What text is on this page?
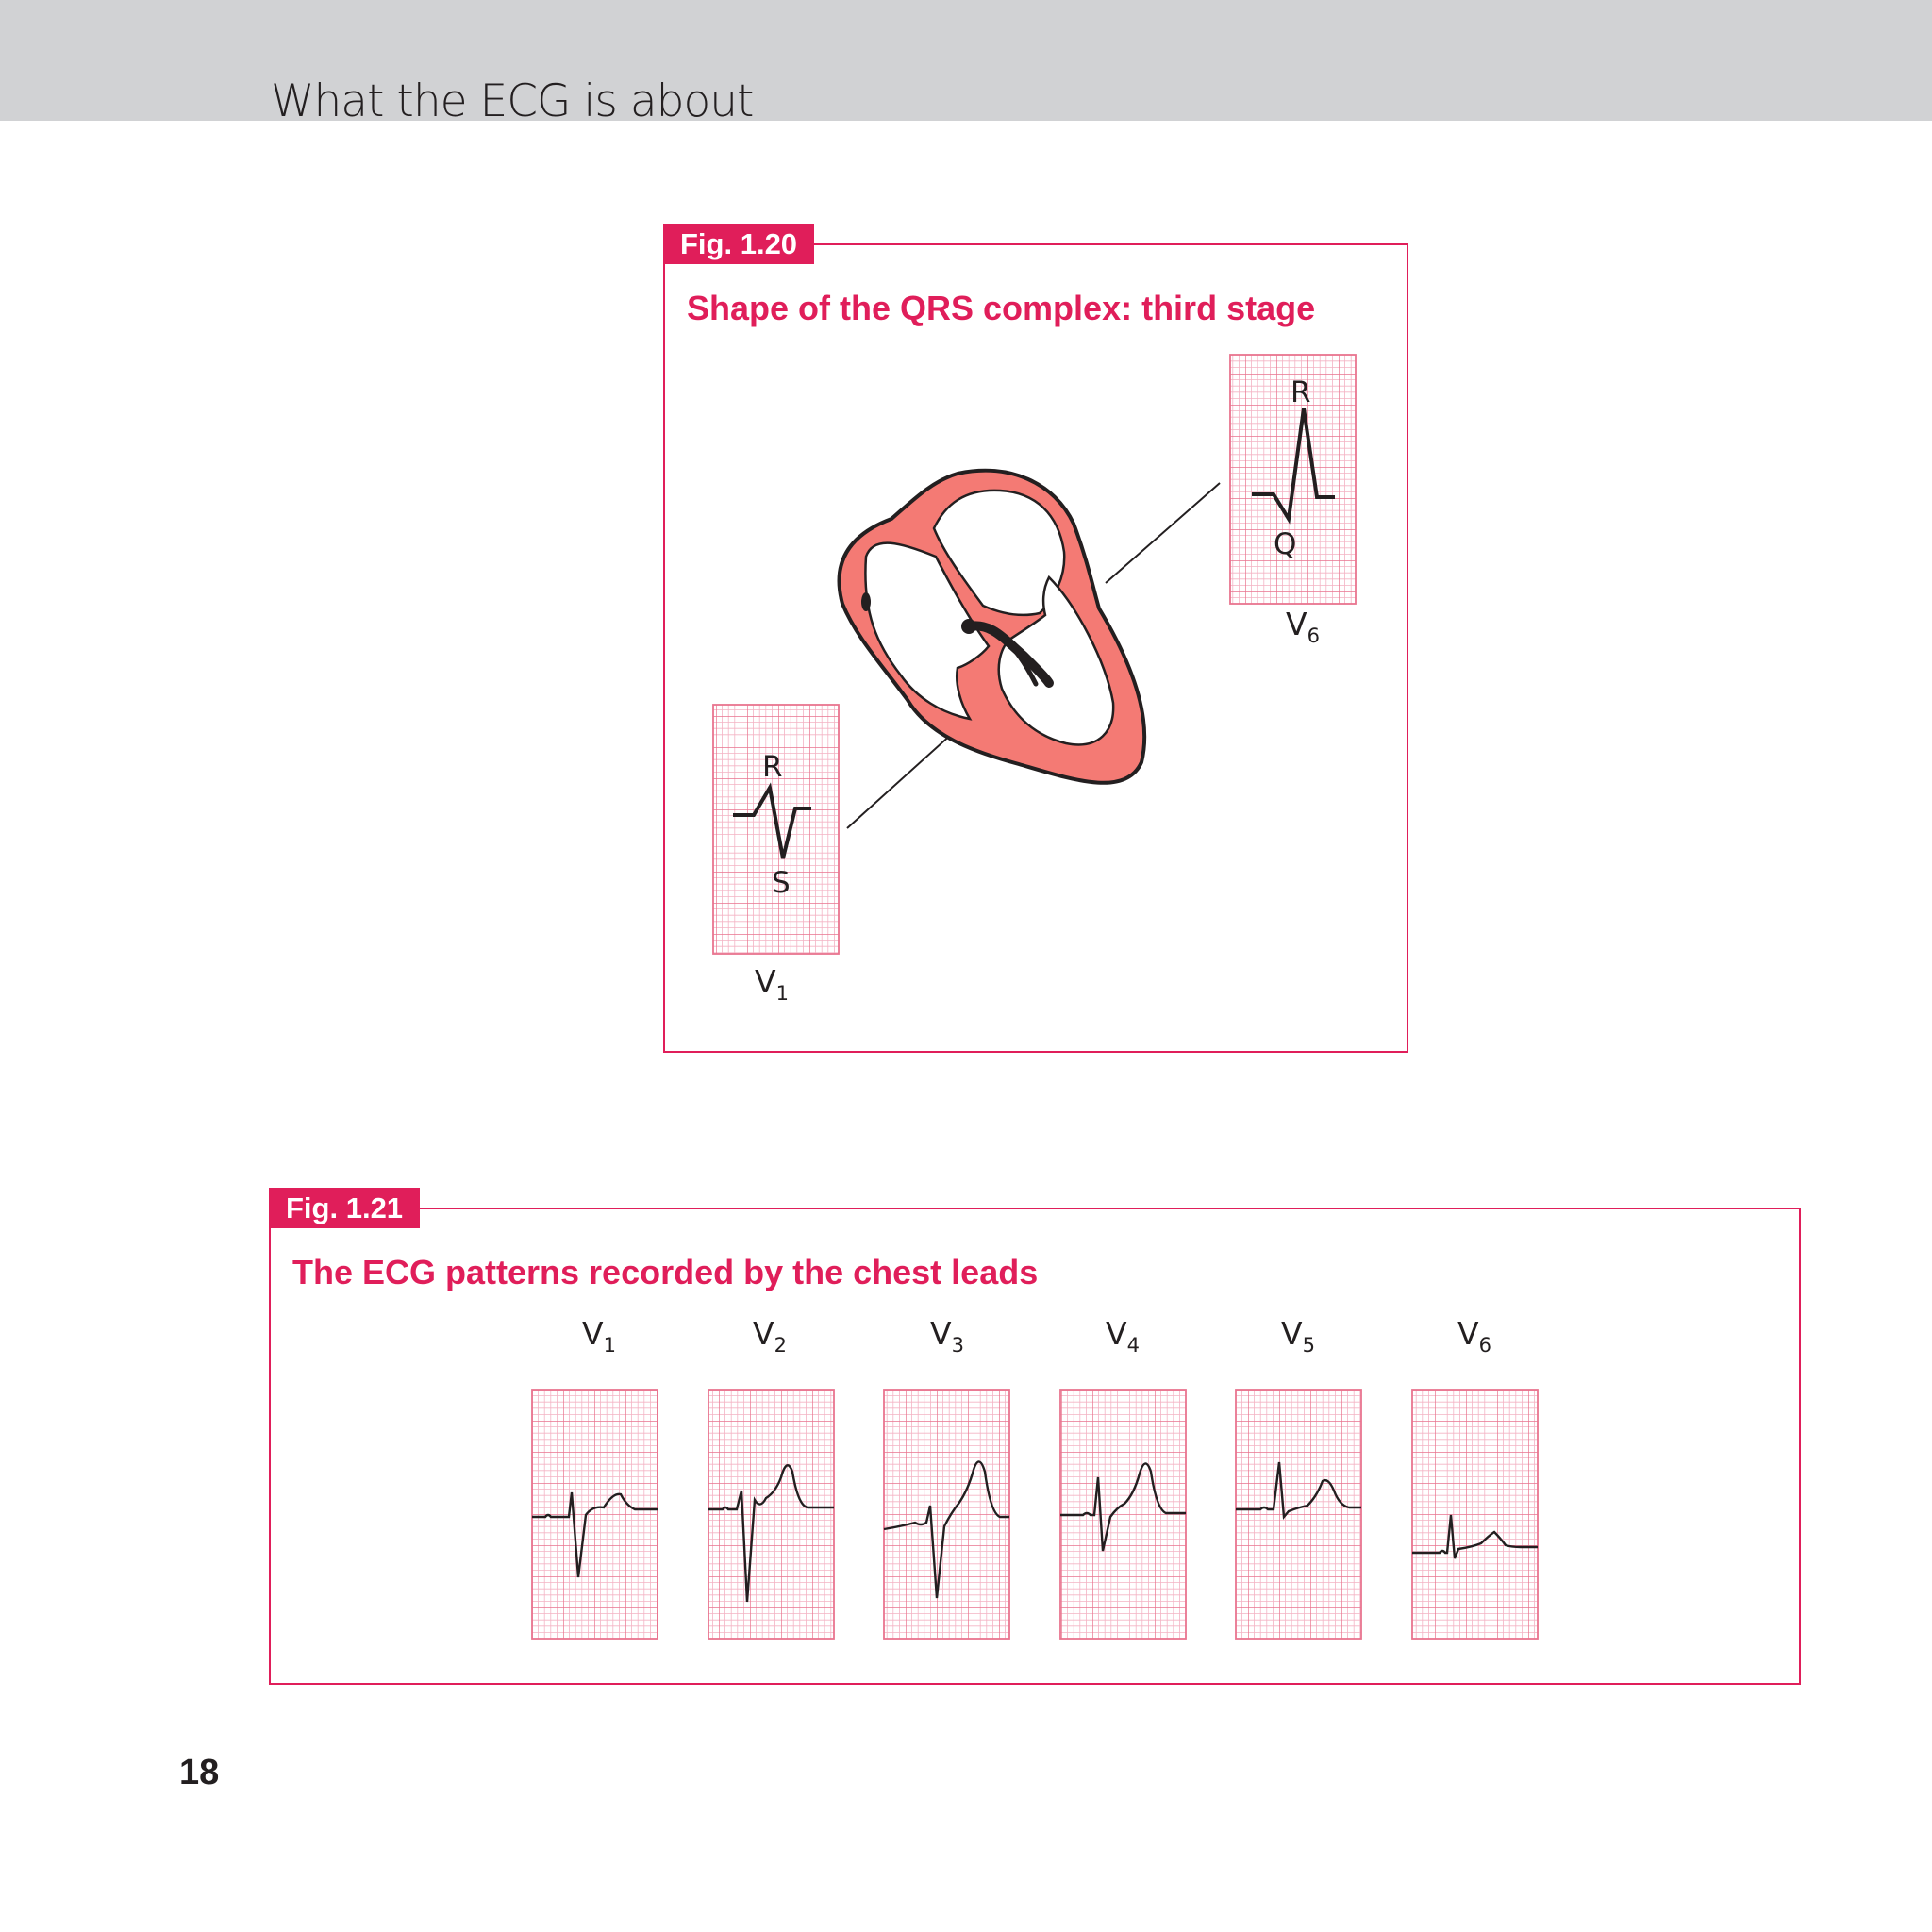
What the ECG is about
Fig. 1.20
Shape of the QRS complex: third stage
R
Q
$V_6$
R
S
$V_1$
Fig. 1.21
The ECG patterns recorded by the chest leads
$V_1$	$V_2$	$V_3$	$V_4$	$V_5$	$V_6$
18
